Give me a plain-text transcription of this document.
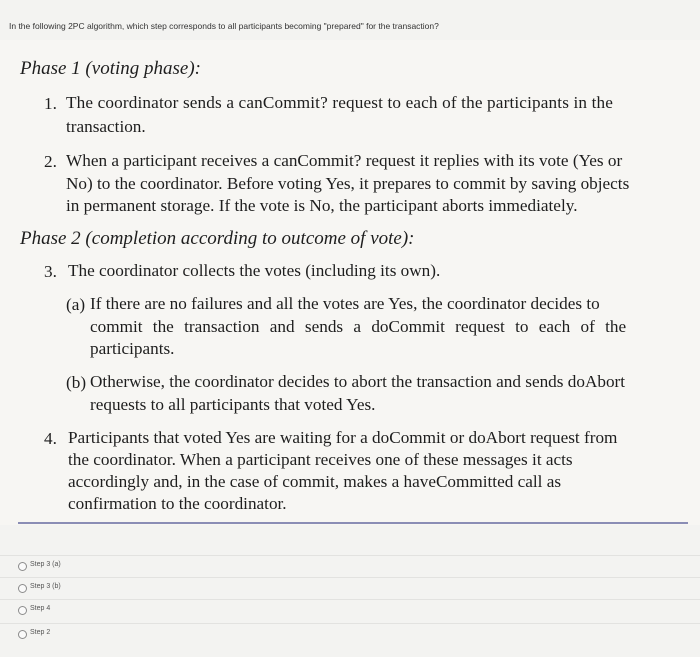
In the following 2PC algorithm, which step corresponds to all participants becoming "prepared" for the transaction?
Phase 1 (voting phase):
1. The coordinator sends a canCommit? request to each of the participants in the
transaction.
2. When a participant receives a canCommit? request it replies with its vote (Yes or
No) to the coordinator. Before voting Yes, it prepares to commit by saving objects
in permanent storage. If the vote is No, the participant aborts immediately.
Phase 2 (completion according to outcome of vote):
3. The coordinator collects the votes (including its own).
(a) If there are no failures and all the votes are Yes, the coordinator decides to
commit the transaction and sends a doCommit request to each of the
participants.
(b) Otherwise, the coordinator decides to abort the transaction and sends doAbort
requests to all participants that voted Yes.
4. Participants that voted Yes are waiting for a doCommit or doAbort request from
the coordinator. When a participant receives one of these messages it acts
accordingly and, in the case of commit, makes a haveCommitted call as
confirmation to the coordinator.
Step 3 (a)
Step 3 (b)
Step 4
Step 2
